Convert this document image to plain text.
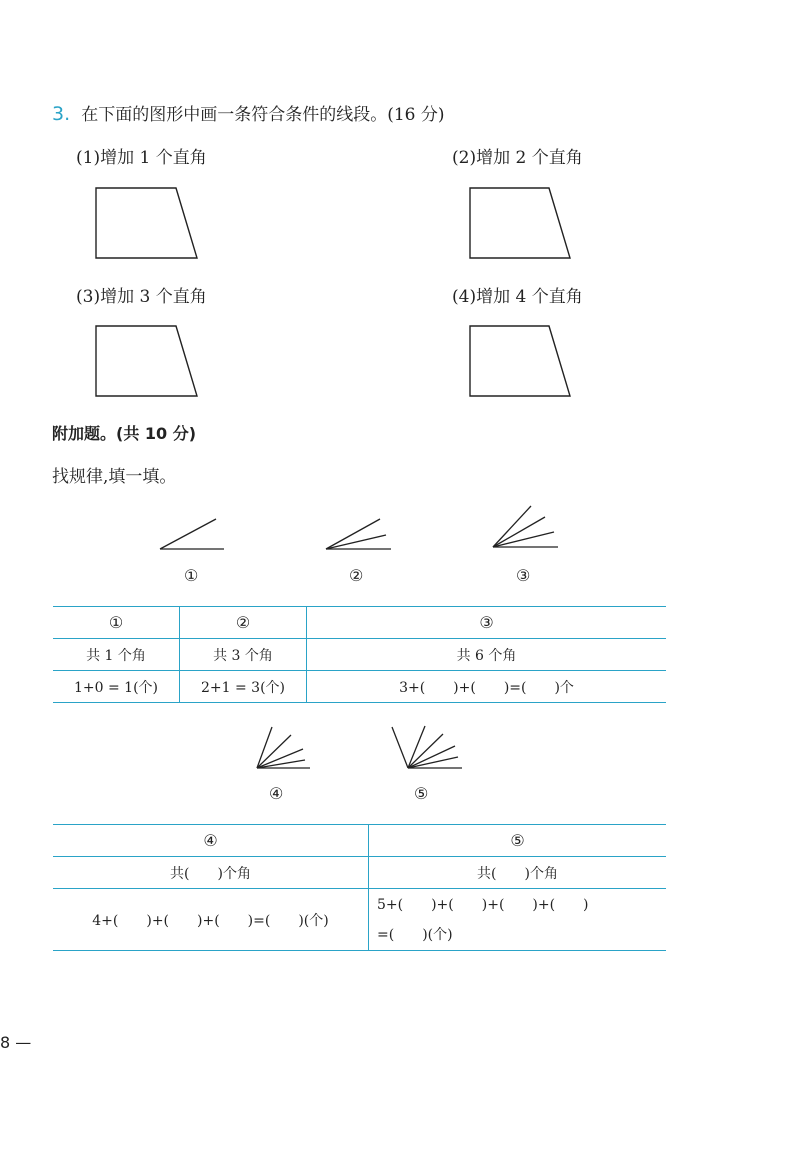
3. 在下面的图形中画一条符合条件的线段。(16 分)
(1)增加 1 个直角	(2)增加 2 个直角
(3)增加 3 个直角	(4)增加 4 个直角
附加题。(共 10 分)
找规律,填一填。
①	②	③
①	②	③
共 1 个角	共 3 个角	共 6 个角
1+0 = 1(个)	2+1 = 3(个)	3+(　　)+(　　)=(　　)个
④	⑤
④	⑤
共(　　)个角	共(　　)个角
4+(　　)+(　　)+(　　)=(　　)(个)	5+(　　)+(　　)+(　　)+(　　)
=(　　)(个)
8 —
